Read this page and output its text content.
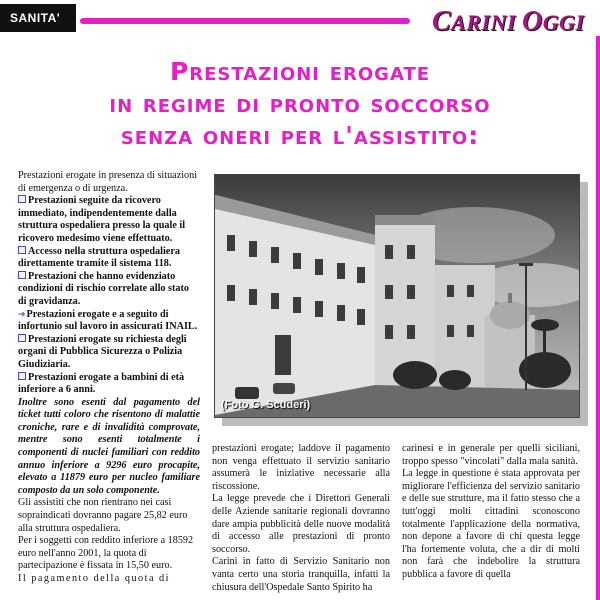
SANITA'	CARINI OGGI
Prestazioni erogate
in regime di pronto soccorso
senza oneri per l'assistito:

Prestazioni erogate in presenza di situazioni di emergenza o di urgenza.

Prestazioni seguite da ricovero immediato, indipendentemente dalla struttura ospedaliera presso la quale il ricovero medesimo viene effettuato.

Accesso nella struttura ospedaliera direttamente tramite il sistema 118.

Prestazioni che hanno evidenziato condizioni di rischio correlate allo stato di gravidanza.

➔Prestazioni erogate e a seguito di infortunio sul lavoro in assicurati INAIL.

Prestazioni erogate su richiesta degli organi di Pubblica Sicurezza o Polizia Giudiziaria.

Prestazioni erogate a bambini di età inferiore a 6 anni.

Inoltre sono esenti dal pagamento del ticket tutti coloro che risentono di malattie croniche, rare e di invalidità comprovate, mentre sono esenti totalmente i componenti di nuclei familiari con reddito annuo inferiore a 9296 euro procapite, elevato a 11879 euro per nucleo familiare composto da un solo componente.

Gli assistiti che non rientrano nei casi sopraindicati dovranno pagare 25,82 euro alla struttura ospedaliera.

Per i soggetti con reddito inferiore a 18592 euro nell'anno 2001, la quota di partecipazione è fissata in 15,50 euro.

Il pagamento della quota di

(Foto G. Scuderi)

prestazioni erogate; laddove il pagamento non venga effettuato il servizio sanitario assumerà le iniziative necessarie alla riscossione.

La legge prevede che i Direttori Generali delle Aziende sanitarie regionali dovranno dare ampia pubblicità delle nuove modalità di accesso alle prestazioni di pronto soccorso.

Carini in fatto di Servizio Sanitario non vanta certo una storia tranquilla, infatti la chiusura dell'Ospedale Santo Spirito ha

carinesi e in generale per quelli siciliani, troppo spesso "vincolati" dalla mala sanità.

La legge in questione è stata approvata per migliorare l'efficienza del servizio sanitario e delle sue strutture, ma il fatto stesso che a tutt'oggi molti cittadini sconoscono totalmente l'applicazione della normativa, non depone a favore di chi questa legge l'ha fortemente voluta, che a dir di molti non farà che indebolire la struttura pubblica a favore di quella
